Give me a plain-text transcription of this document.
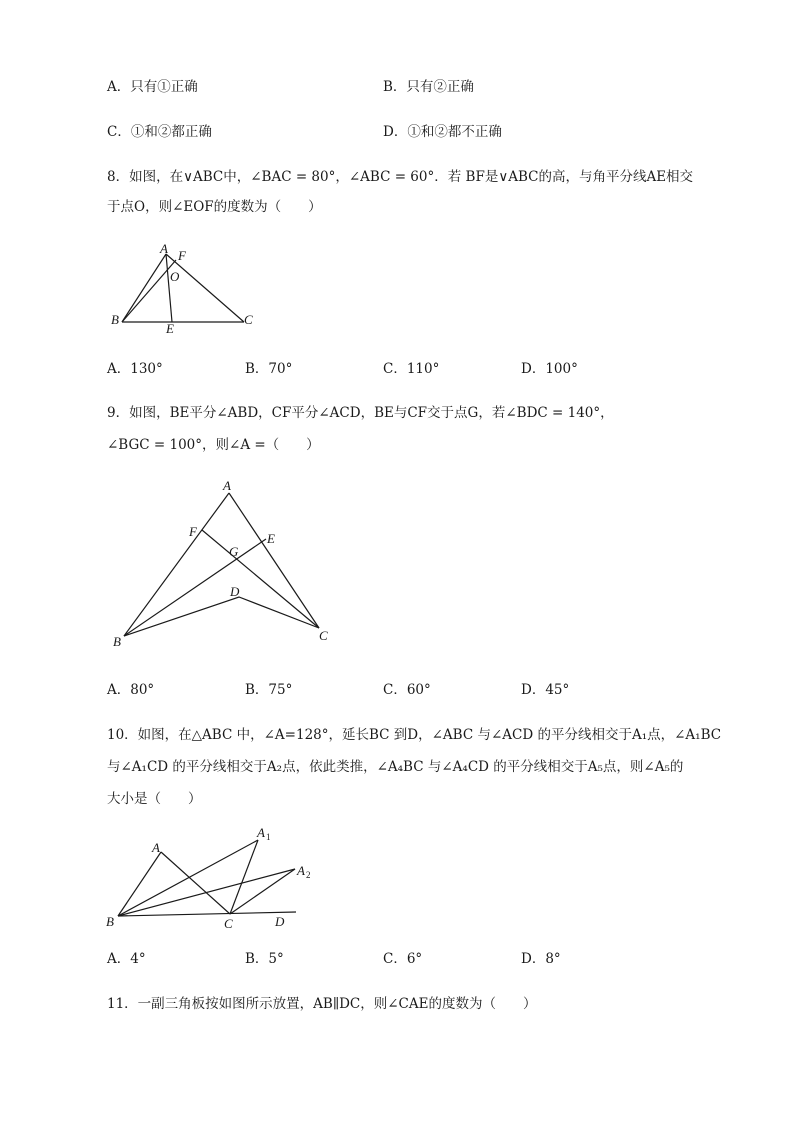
A．只有①正确	B．只有②正确
C．①和②都正确	D．①和②都不正确
8．如图，在∨ABC中，∠BAC = 80°，∠ABC = 60°．若 BF是∨ABC的高，与角平分线AE相交
于点O，则∠EOF的度数为（　　）
A F
O
B
E
C
A．130°	B．70°	C．110°	D．100°
9．如图，BE平分∠ABD，CF平分∠ACD，BE与CF交于点G，若∠BDC = 140°，
∠BGC = 100°，则∠A =（　　）
A
F	E
G
D
B	C
A．80°	B．75°	C．60°	D．45°
10．如图，在△ABC 中，∠A=128°，延长BC 到D，∠ABC 与∠ACD 的平分线相交于A₁点，∠A₁BC
与∠A₁CD 的平分线相交于A₂点，依此类推，∠A₄BC 与∠A₄CD 的平分线相交于A₅点，则∠A₅的
大小是（　　）
A
A 1
A 2
B	C	D
A．4°	B．5°	C．6°	D．8°
11．一副三角板按如图所示放置，AB∥DC，则∠CAE的度数为（　　）
